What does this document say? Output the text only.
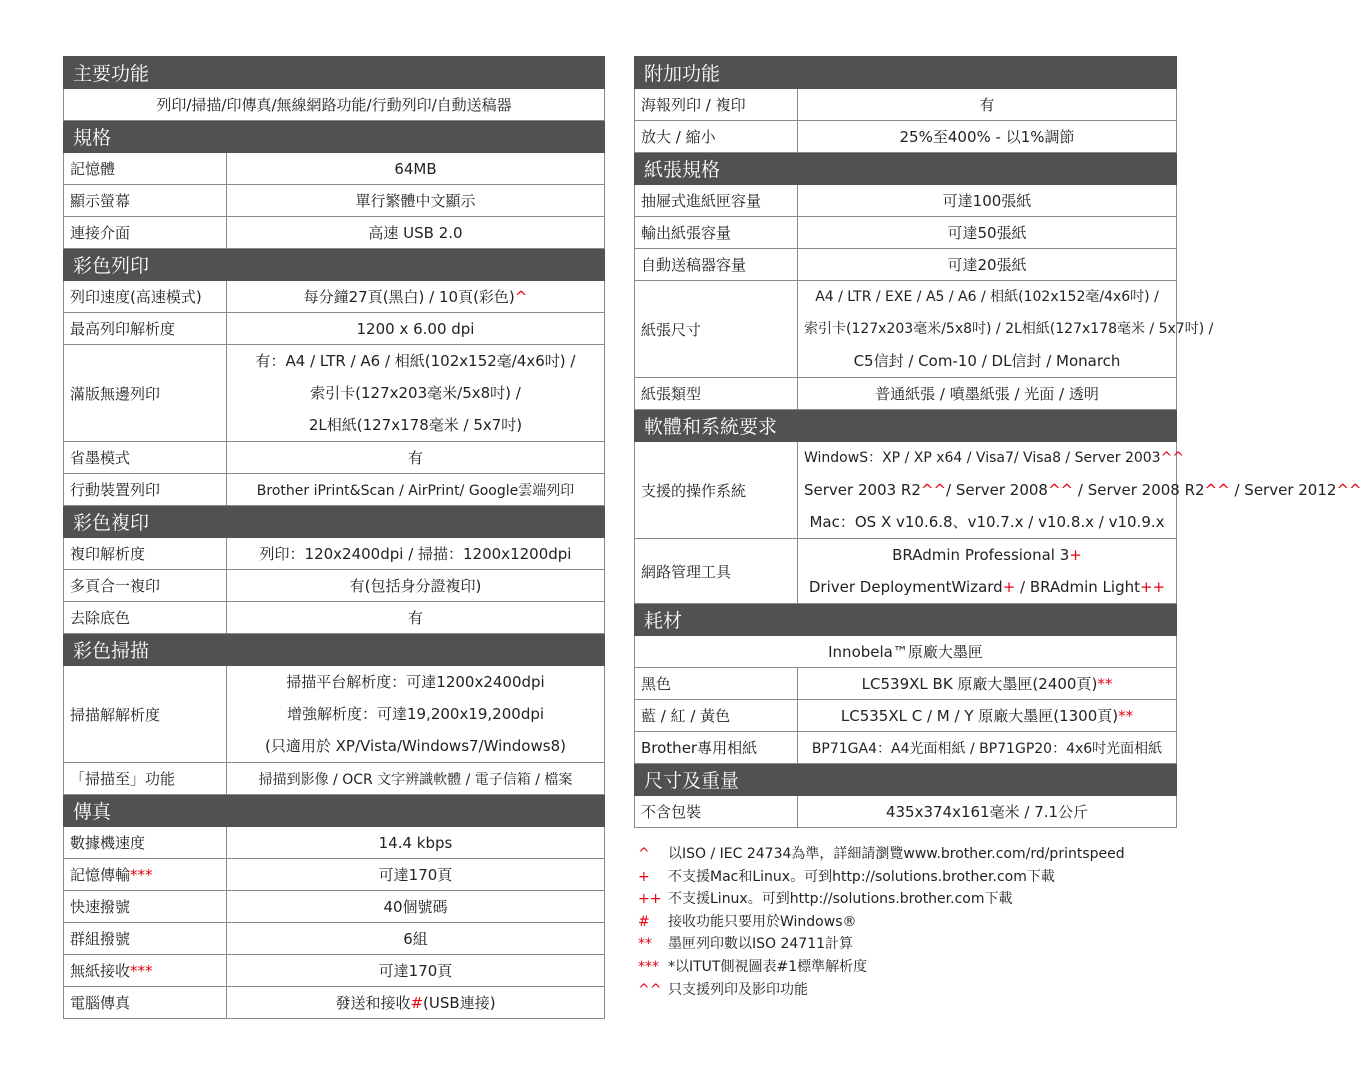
主要功能	
列印/掃描/印傳真/無線網路功能/行動列印/自動送稿器	
規格	
記憶體	64MB
顯示螢幕	單行繁體中文顯示
連接介面	高速 USB 2.0
彩色列印	
列印速度(高速模式)	每分鐘27頁(黑白) / 10頁(彩色)^
最高列印解析度	1200 x 6.00 dpi
滿版無邊列印	有：A4 / LTR / A6 / 相紙(102x152毫/4x6吋) /
索引卡(127x203毫米/5x8吋) /
2L相紙(127x178毫米 / 5x7吋)

省墨模式	有
行動裝置列印	Brother iPrint&Scan / AirPrint/ Google雲端列印
彩色複印	
複印解析度	列印：120x2400dpi / 掃描：1200x1200dpi
多頁合一複印	有(包括身分證複印)
去除底色	有
彩色掃描	
掃描解解析度	掃描平台解析度：可達1200x2400dpi
增強解析度：可達19,200x19,200dpi
(只適用於 XP/Vista/Windows7/Windows8)

「掃描至」功能	掃描到影像 / OCR 文字辨識軟體 / 電子信箱 / 檔案
傳真	
數據機速度	14.4 kbps
記憶傳輸***	可達170頁
快速撥號	40個號碼
群組撥號	6組
無紙接收***	可達170頁
電腦傳真	發送和接收#(USB連接)
附加功能	
海報列印 / 複印	有
放大 / 縮小	25%至400% - 以1%調節
紙張規格	
抽屜式進紙匣容量	可達100張紙
輸出紙張容量	可達50張紙
自動送稿器容量	可達20張紙
紙張尺寸	A4 / LTR / EXE / A5 / A6 / 相紙(102x152毫/4x6吋) /
索引卡(127x203毫米/5x8吋) / 2L相紙(127x178毫米 / 5x7吋) /
C5信封 / Com-10 / DL信封 / Monarch

紙張類型	普通紙張 / 噴墨紙張 / 光面 / 透明
軟體和系統要求	
支援的操作系統	WindowS：XP / XP x64 / Visa7/ Visa8 / Server 2003^^
Server 2003 R2^^/ Server 2008^^ / Server 2008 R2^^ / Server 2012^^
Mac：OS X v10.6.8、v10.7.x / v10.8.x / v10.9.x

網路管理工具	BRAdmin Professional 3+
Driver DeploymentWizard+ / BRAdmin Light++

耗材	
Innobela™原廠大墨匣	
黑色	LC539XL BK 原廠大墨匣(2400頁)**
藍 / 紅 / 黃色	LC535XL C / M / Y 原廠大墨匣(1300頁)**
Brother專用相紙	BP71GA4：A4光面相紙 / BP71GP20：4x6吋光面相紙
尺寸及重量	
不含包裝	435x374x161毫米 / 7.1公斤
^ 以ISO / IEC 24734為準，詳細請瀏覽www.brother.com/rd/printspeed
+ 不支援Mac和Linux。可到http://solutions.brother.com下載
++ 不支援Linux。可到http://solutions.brother.com下載
# 接收功能只要用於Windows®
** 墨匣列印數以ISO 24711計算
*** *以ITUT側視圖表#1標準解析度
^^ 只支援列印及影印功能
